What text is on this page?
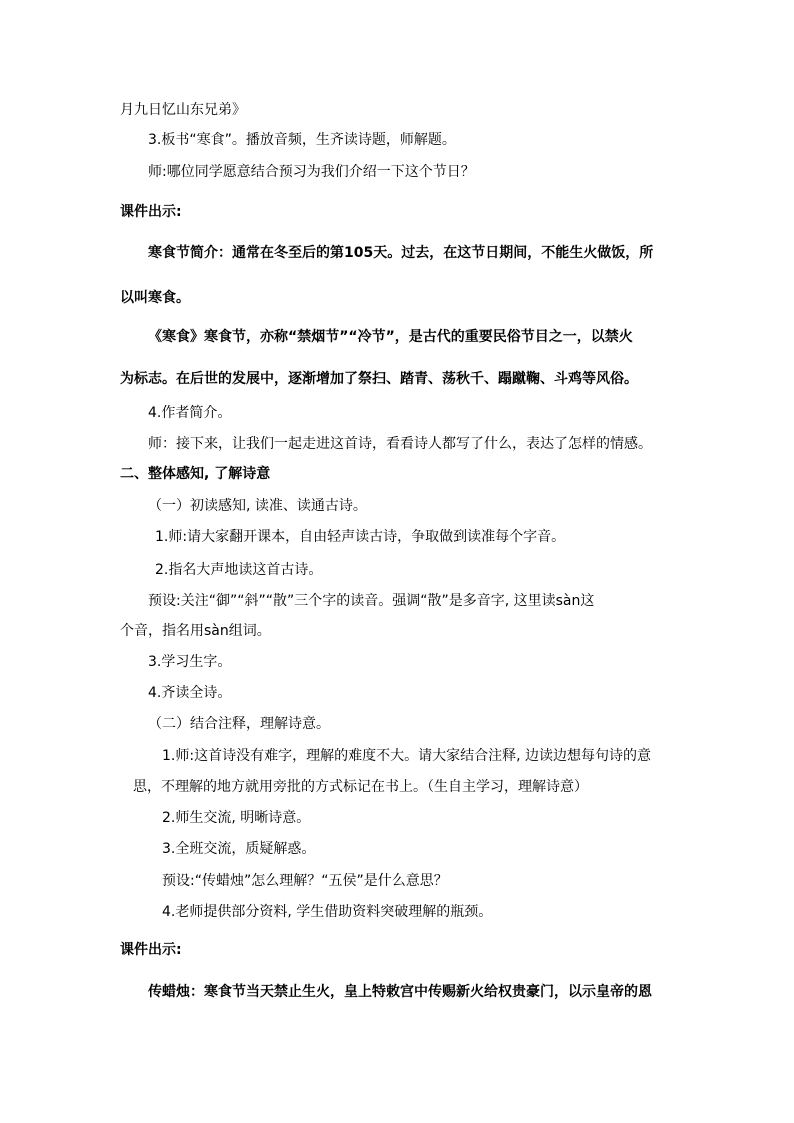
月九日忆山东兄弟》
3.板书“寒食”。播放音频，生齐读诗题，师解题。
师:哪位同学愿意结合预习为我们介绍一下这个节日？
课件出示:
寒食节简介：通常在冬至后的第105天。过去，在这节日期间，不能生火做饭，所
以叫寒食。
《寒食》寒食节，亦称“禁烟节”“冷节”，是古代的重要民俗节目之一，以禁火
为标志。在后世的发展中，逐渐增加了祭扫、踏青、荡秋千、蹋蹴鞠、斗鸡等风俗。
4.作者简介。
师：接下来，让我们一起走进这首诗，看看诗人都写了什么，表达了怎样的情感。
二、整体感知, 了解诗意
（一）初读感知, 读准、读通古诗。
1.师:请大家翻开课本，自由轻声读古诗，争取做到读准每个字音。
2.指名大声地读这首古诗。
预设:关注“御”“斜”“散”三个字的读音。强调“散”是多音字, 这里读sàn这
个音，指名用sàn组词。
3.学习生字。
4.齐读全诗。
（二）结合注释，理解诗意。
1.师:这首诗没有难字，理解的难度不大。请大家结合注释, 边读边想每句诗的意
思，不理解的地方就用旁批的方式标记在书上。（生自主学习，理解诗意）
2.师生交流, 明晰诗意。
3.全班交流，质疑解惑。
预设:“传蜡烛”怎么理解？“五侯”是什么意思？
4.老师提供部分资料, 学生借助资料突破理解的瓶颈。
课件出示:
传蜡烛：寒食节当天禁止生火，皇上特敕宫中传赐新火给权贵豪门，以示皇帝的恩
